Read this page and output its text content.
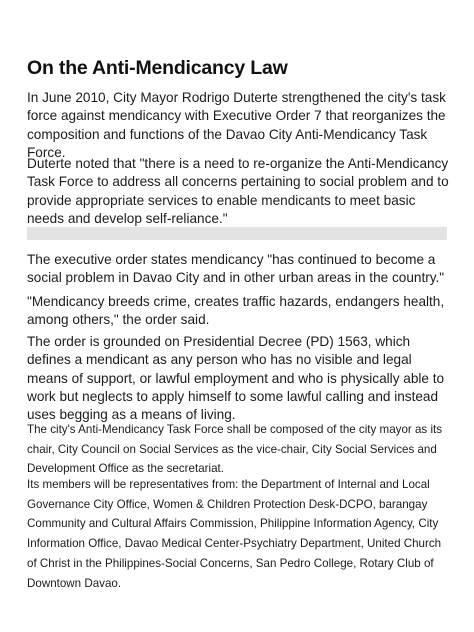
On the Anti-Mendicancy Law

In June 2010, City Mayor Rodrigo Duterte strengthened the city's task force against mendicancy with Executive Order 7 that reorganizes the composition and functions of the Davao City Anti-Mendicancy Task Force.

Duterte noted that "there is a need to re-organize the Anti-Mendicancy Task Force to address all concerns pertaining to social problem and to provide appropriate services to enable mendicants to meet basic needs and develop self-reliance."

The executive order states mendicancy "has continued to become a social problem in Davao City and in other urban areas in the country."

"Mendicancy breeds crime, creates traffic hazards, endangers health, among others," the order said.

The order is grounded on Presidential Decree (PD) 1563, which defines a mendicant as any person who has no visible and legal means of support, or lawful employment and who is physically able to work but neglects to apply himself to some lawful calling and instead uses begging as a means of living.

The city's Anti-Mendicancy Task Force shall be composed of the city mayor as its chair, City Council on Social Services as the vice-chair, City Social Services and Development Office as the secretariat.

Its members will be representatives from: the Department of Internal and Local Governance City Office, Women & Children Protection Desk-DCPO, barangay Community and Cultural Affairs Commission, Philippine Information Agency, City Information Office, Davao Medical Center-Psychiatry Department, United Church of Christ in the Philippines-Social Concerns, San Pedro College, Rotary Club of Downtown Davao.
